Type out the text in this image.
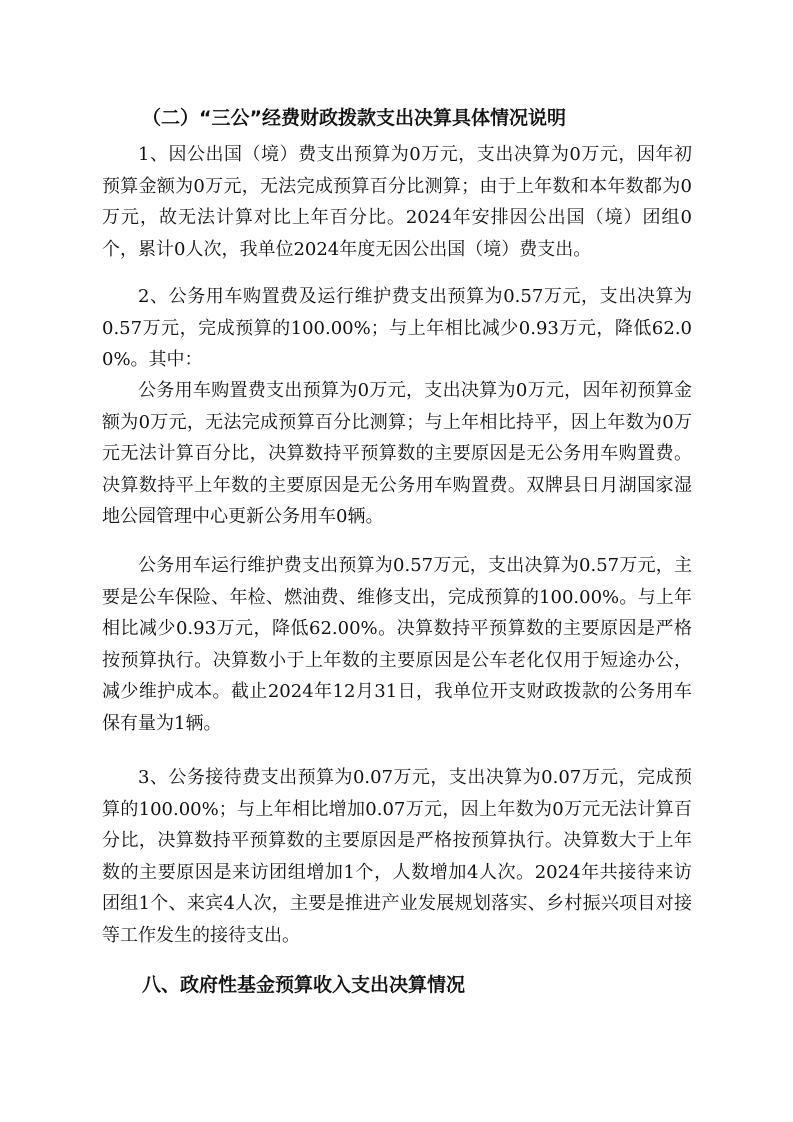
（二）“三公”经费财政拨款支出决算具体情况说明

1、因公出国（境）费支出预算为0万元，支出决算为0万元，因年初预算金额为0万元，无法完成预算百分比测算；由于上年数和本年数都为0万元，故无法计算对比上年百分比。2024年安排因公出国（境）团组0个，累计0人次，我单位2024年度无因公出国（境）费支出。

2、公务用车购置费及运行维护费支出预算为0.57万元，支出决算为0.57万元，完成预算的100.00%；与上年相比减少0.93万元，降低62.00%。其中：

公务用车购置费支出预算为0万元，支出决算为0万元，因年初预算金额为0万元，无法完成预算百分比测算；与上年相比持平，因上年数为0万元无法计算百分比，决算数持平预算数的主要原因是无公务用车购置费。决算数持平上年数的主要原因是无公务用车购置费。双牌县日月湖国家湿地公园管理中心更新公务用车0辆。

公务用车运行维护费支出预算为0.57万元，支出决算为0.57万元，主要是公车保险、年检、燃油费、维修支出，完成预算的100.00%。与上年相比减少0.93万元，降低62.00%。决算数持平预算数的主要原因是严格按预算执行。决算数小于上年数的主要原因是公车老化仅用于短途办公，减少维护成本。截止2024年12月31日，我单位开支财政拨款的公务用车保有量为1辆。

3、公务接待费支出预算为0.07万元，支出决算为0.07万元，完成预算的100.00%；与上年相比增加0.07万元，因上年数为0万元无法计算百分比，决算数持平预算数的主要原因是严格按预算执行。决算数大于上年数的主要原因是来访团组增加1个，人数增加4人次。2024年共接待来访团组1个、来宾4人次，主要是推进产业发展规划落实、乡村振兴项目对接等工作发生的接待支出。

八、政府性基金预算收入支出决算情况
